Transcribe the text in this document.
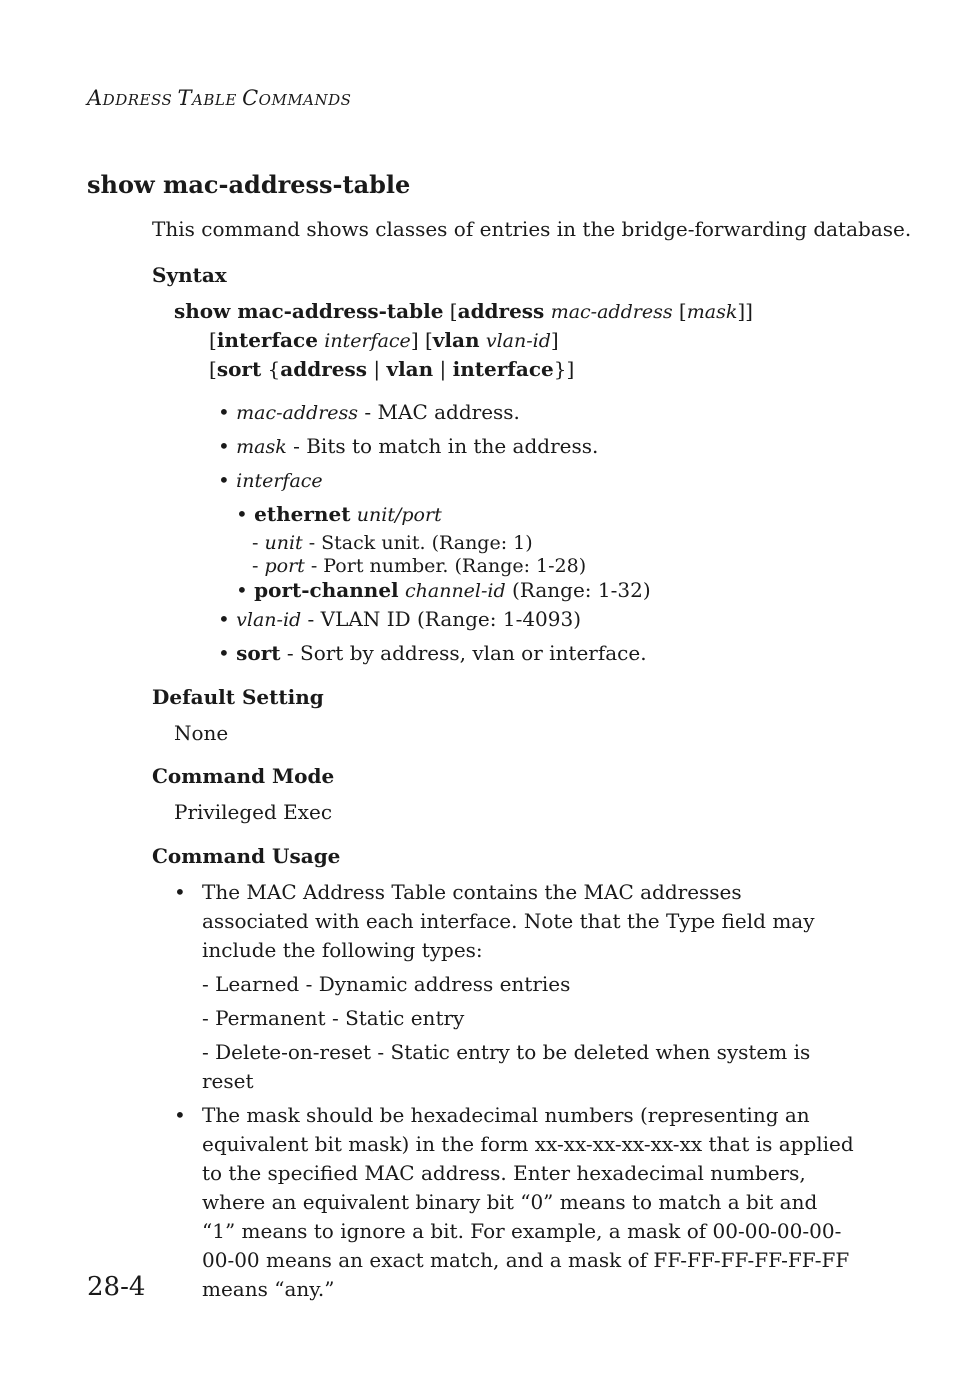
ADDRESS TABLE COMMANDS
show mac-address-table
This command shows classes of entries in the bridge-forwarding database.
Syntax
show mac-address-table [address mac-address [mask]]
[interface interface] [vlan vlan-id]
[sort {address | vlan | interface}]
• mac-address - MAC address.
• mask - Bits to match in the address.
• interface
• ethernet unit/port
- unit - Stack unit. (Range: 1)
- port - Port number. (Range: 1-28)
• port-channel channel-id (Range: 1-32)
• vlan-id - VLAN ID (Range: 1-4093)
• sort - Sort by address, vlan or interface.
Default Setting
None
Command Mode
Privileged Exec
Command Usage
• The MAC Address Table contains the MAC addresses associated with each interface. Note that the Type field may include the following types:
- Learned - Dynamic address entries
- Permanent - Static entry
- Delete-on-reset - Static entry to be deleted when system is reset
• The mask should be hexadecimal numbers (representing an equivalent bit mask) in the form xx-xx-xx-xx-xx-xx that is applied to the specified MAC address. Enter hexadecimal numbers, where an equivalent binary bit “0” means to match a bit and “1” means to ignore a bit. For example, a mask of 00-00-00-00-00-00 means an exact match, and a mask of FF-FF-FF-FF-FF-FF means “any.”
28-4
